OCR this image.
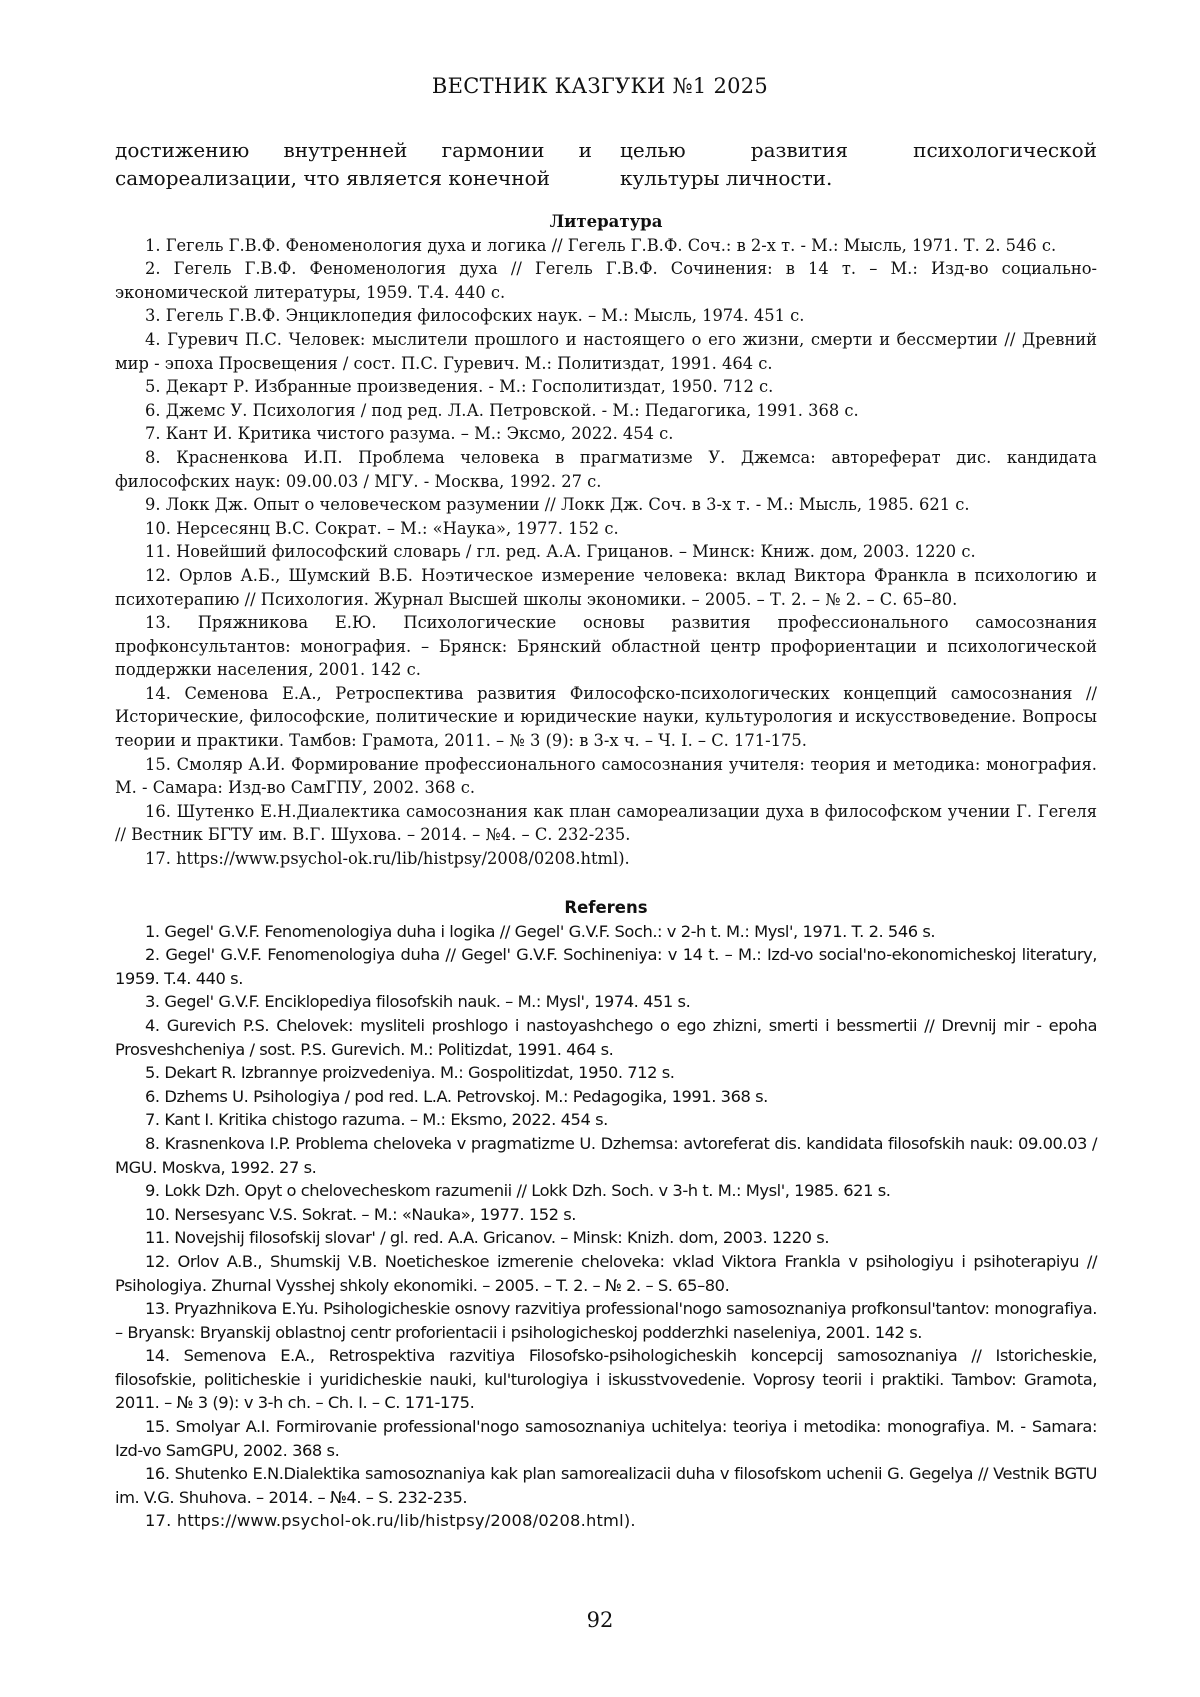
ВЕСТНИК КАЗГУКИ №1 2025
достижению внутренней гармонии и
самореализации, что является конечной
целью развития психологической
культуры личности.

Литература

1. Гегель Г.В.Ф. Феноменология духа и логика // Гегель Г.В.Ф. Соч.: в 2-х т. - М.: Мысль, 1971. Т. 2. 546 с.

2. Гегель Г.В.Ф. Феноменология духа // Гегель Г.В.Ф. Сочинения: в 14 т. – М.: Изд-во социально-экономической литературы, 1959. Т.4. 440 с.

3. Гегель Г.В.Ф. Энциклопедия философских наук. – М.: Мысль, 1974. 451 с.

4. Гуревич П.С. Человек: мыслители прошлого и настоящего о его жизни, смерти и бессмертии // Древний мир - эпоха Просвещения / сост. П.С. Гуревич. М.: Политиздат, 1991. 464 с.

5. Декарт Р. Избранные произведения. - М.: Госполитиздат, 1950. 712 с.

6. Джемс У. Психология / под ред. Л.А. Петровской. - М.: Педагогика, 1991. 368 с.

7. Кант И. Критика чистого разума. – М.: Эксмо, 2022. 454 с.

8. Красненкова И.П. Проблема человека в прагматизме У. Джемса: автореферат дис. кандидата философских наук: 09.00.03 / МГУ. - Москва, 1992. 27 с.

9. Локк Дж. Опыт о человеческом разумении // Локк Дж. Соч. в 3-х т. - М.: Мысль, 1985. 621 с.

10. Нерсесянц В.С. Сократ. – М.: «Наука», 1977. 152 с.

11. Новейший философский словарь / гл. ред. А.А. Грицанов. – Минск: Книж. дом, 2003. 1220 с.

12. Орлов А.Б., Шумский В.Б. Ноэтическое измерение человека: вклад Виктора Франкла в психологию и психотерапию // Психология. Журнал Высшей школы экономики. – 2005. – Т. 2. – № 2. – С. 65–80.

13. Пряжникова Е.Ю. Психологические основы развития профессионального самосознания профконсультантов: монография. – Брянск: Брянский областной центр профориентации и психологической поддержки населения, 2001. 142 с.

14. Семенова Е.А., Ретроспектива развития Философско-психологических концепций самосознания // Исторические, философские, политические и юридические науки, культурология и искусствоведение. Вопросы теории и практики. Тамбов: Грамота, 2011. – № 3 (9): в 3-х ч. – Ч. I. – С. 171-175.

15. Смоляр А.И. Формирование профессионального самосознания учителя: теория и методика: монография. М. - Самара: Изд-во СамГПУ, 2002. 368 с.

16. Шутенко Е.Н.Диалектика самосознания как план самореализации духа в философском учении Г. Гегеля // Вестник БГТУ им. В.Г. Шухова. – 2014. – №4. – С. 232-235.

17. https://www.psychol-ok.ru/lib/histpsy/2008/0208.html).

Referens

1. Gegel' G.V.F. Fenomenologiya duha i logika // Gegel' G.V.F. Soch.: v 2-h t. M.: Mysl', 1971. T. 2. 546 s.

2. Gegel' G.V.F. Fenomenologiya duha // Gegel' G.V.F. Sochineniya: v 14 t. – M.: Izd-vo social'no-ekonomicheskoj literatury, 1959. T.4. 440 s.

3. Gegel' G.V.F. Enciklopediya filosofskih nauk. – M.: Mysl', 1974. 451 s.

4. Gurevich P.S. Chelovek: mysliteli proshlogo i nastoyashchego o ego zhizni, smerti i bessmertii // Drevnij mir - epoha Prosveshcheniya / sost. P.S. Gurevich. M.: Politizdat, 1991. 464 s.

5. Dekart R. Izbrannye proizvedeniya. M.: Gospolitizdat, 1950. 712 s.

6. Dzhems U. Psihologiya / pod red. L.A. Petrovskoj. M.: Pedagogika, 1991. 368 s.

7. Kant I. Kritika chistogo razuma. – M.: Eksmo, 2022. 454 s.

8. Krasnenkova I.P. Problema cheloveka v pragmatizme U. Dzhemsa: avtoreferat dis. kandidata filosofskih nauk: 09.00.03 / MGU. Moskva, 1992. 27 s.

9. Lokk Dzh. Opyt o chelovecheskom razumenii // Lokk Dzh. Soch. v 3-h t. M.: Mysl', 1985. 621 s.

10. Nersesyanc V.S. Sokrat. – M.: «Nauka», 1977. 152 s.

11. Novejshij filosofskij slovar' / gl. red. A.A. Gricanov. – Minsk: Knizh. dom, 2003. 1220 s.

12. Orlov A.B., Shumskij V.B. Noeticheskoe izmerenie cheloveka: vklad Viktora Frankla v psihologiyu i psihoterapiyu // Psihologiya. Zhurnal Vysshej shkoly ekonomiki. – 2005. – T. 2. – № 2. – S. 65–80.

13. Pryazhnikova E.Yu. Psihologicheskie osnovy razvitiya professional'nogo samosoznaniya profkonsul'tantov: monografiya. – Bryansk: Bryanskij oblastnoj centr proforientacii i psihologicheskoj podderzhki naseleniya, 2001. 142 s.

14. Semenova E.A., Retrospektiva razvitiya Filosofsko-psihologicheskih koncepcij samosoznaniya // Istoricheskie, filosofskie, politicheskie i yuridicheskie nauki, kul'turologiya i iskusstvovedenie. Voprosy teorii i praktiki. Tambov: Gramota, 2011. – № 3 (9): v 3-h ch. – Ch. I. – С. 171-175.

15. Smolyar A.I. Formirovanie professional'nogo samosoznaniya uchitelya: teoriya i metodika: monografiya. M. - Samara: Izd-vo SamGPU, 2002. 368 s.

16. Shutenko E.N.Dialektika samosoznaniya kak plan samorealizacii duha v filosofskom uchenii G. Gegelya // Vestnik BGTU im. V.G. Shuhova. – 2014. – №4. – S. 232-235.

17. https://www.psychol-ok.ru/lib/histpsy/2008/0208.html).

92
